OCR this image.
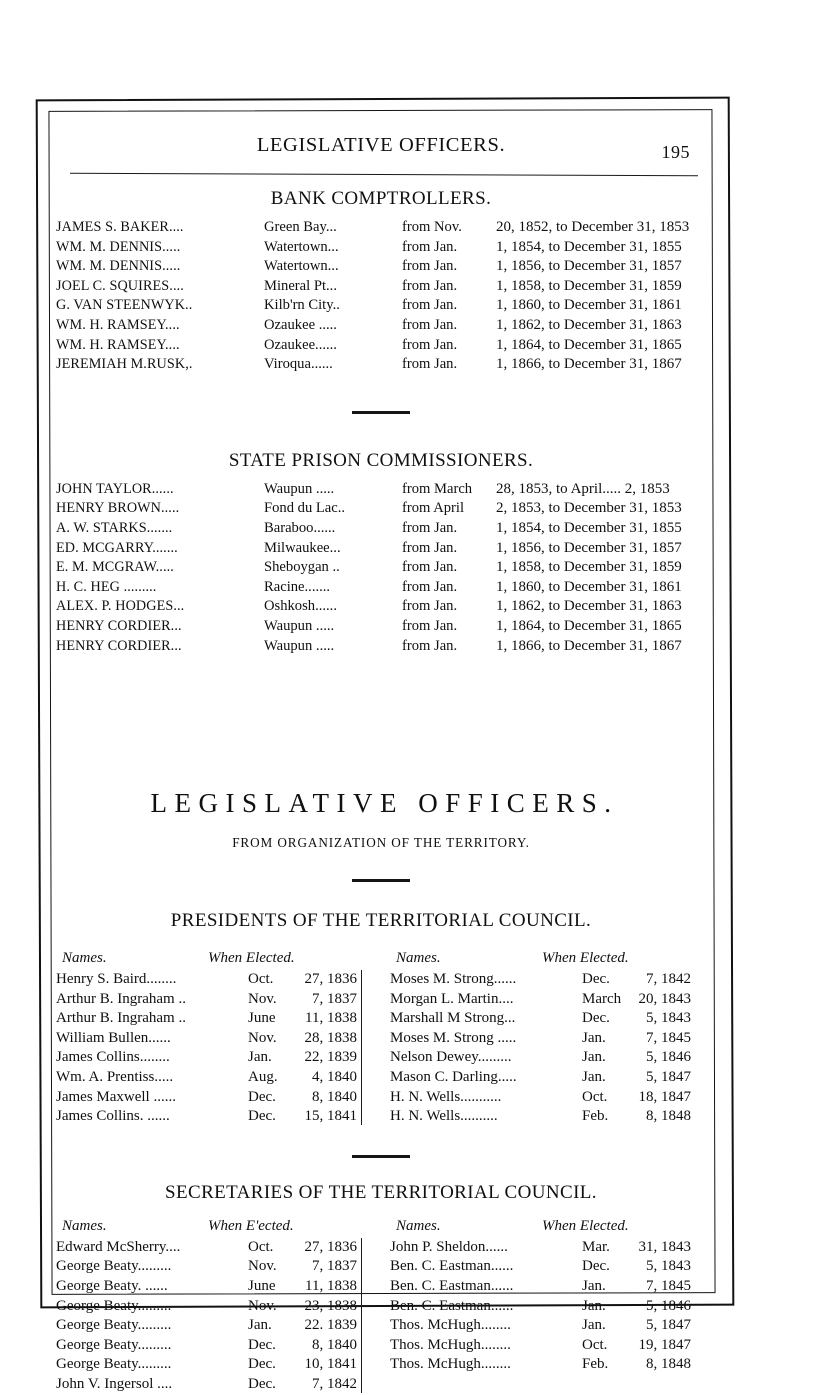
LEGISLATIVE OFFICERS.	195
BANK COMPTROLLERS.
JAMES S. BAKER....	Green Bay...	from Nov.	20, 1852, to December 31, 1853
WM. M. DENNIS.....	Watertown...	from Jan.	1, 1854, to December 31, 1855
WM. M. DENNIS.....	Watertown...	from Jan.	1, 1856, to December 31, 1857
JOEL C. SQUIRES....	Mineral Pt...	from Jan.	1, 1858, to December 31, 1859
G. VAN STEENWYK..	Kilb'rn City..	from Jan.	1, 1860, to December 31, 1861
WM. H. RAMSEY....	Ozaukee .....	from Jan.	1, 1862, to December 31, 1863
WM. H. RAMSEY....	Ozaukee......	from Jan.	1, 1864, to December 31, 1865
JEREMIAH M.RUSK,.	Viroqua......	from Jan.	1, 1866, to December 31, 1867
STATE PRISON COMMISSIONERS.
JOHN TAYLOR......	Waupun .....	from March	28, 1853, to April..... 2, 1853
HENRY BROWN.....	Fond du Lac..	from April	2, 1853, to December 31, 1853
A. W. STARKS.......	Baraboo......	from Jan.	1, 1854, to December 31, 1855
ED. MCGARRY.......	Milwaukee...	from Jan.	1, 1856, to December 31, 1857
E. M. MCGRAW.....	Sheboygan ..	from Jan.	1, 1858, to December 31, 1859
H. C. HEG .........	Racine.......	from Jan.	1, 1860, to December 31, 1861
ALEX. P. HODGES...	Oshkosh......	from Jan.	1, 1862, to December 31, 1863
HENRY CORDIER...	Waupun .....	from Jan.	1, 1864, to December 31, 1865
HENRY CORDIER...	Waupun .....	from Jan.	1, 1866, to December 31, 1867
LEGISLATIVE OFFICERS.
FROM ORGANIZATION OF THE TERRITORY.
PRESIDENTS OF THE TERRITORIAL COUNCIL.
Names.	When Elected.
Henry S. Baird........	Oct.	27, 1836
Arthur B. Ingraham ..	Nov.	7, 1837
Arthur B. Ingraham ..	June	11, 1838
William Bullen......	Nov.	28, 1838
James Collins........	Jan.	22, 1839
Wm. A. Prentiss.....	Aug.	4, 1840
James Maxwell ......	Dec.	8, 1840
James Collins. ......	Dec.	15, 1841
Names.	When Elected.
Moses M. Strong......	Dec.	7, 1842
Morgan L. Martin....	March	20, 1843
Marshall M Strong...	Dec.	5, 1843
Moses M. Strong .....	Jan.	7, 1845
Nelson Dewey.........	Jan.	5, 1846
Mason C. Darling.....	Jan.	5, 1847
H. N. Wells...........	Oct.	18, 1847
H. N. Wells..........	Feb.	8, 1848
SECRETARIES OF THE TERRITORIAL COUNCIL.
Names.	When E'ected.
Edward McSherry....	Oct.	27, 1836
George Beaty.........	Nov.	7, 1837
George Beaty. ......	June	11, 1838
George Beaty.........	Nov.	23, 1838
George Beaty.........	Jan.	22. 1839
George Beaty.........	Dec.	8, 1840
George Beaty.........	Dec.	10, 1841
John V. Ingersol ....	Dec.	7, 1842
Names.	When Elected.
John P. Sheldon......	Mar.	31, 1843
Ben. C. Eastman......	Dec.	5, 1843
Ben. C. Eastman......	Jan.	7, 1845
Ben. C. Eastman......	Jan.	5, 1846
Thos. McHugh........	Jan.	5, 1847
Thos. McHugh........	Oct.	19, 1847
Thos. McHugh........	Feb.	8, 1848
